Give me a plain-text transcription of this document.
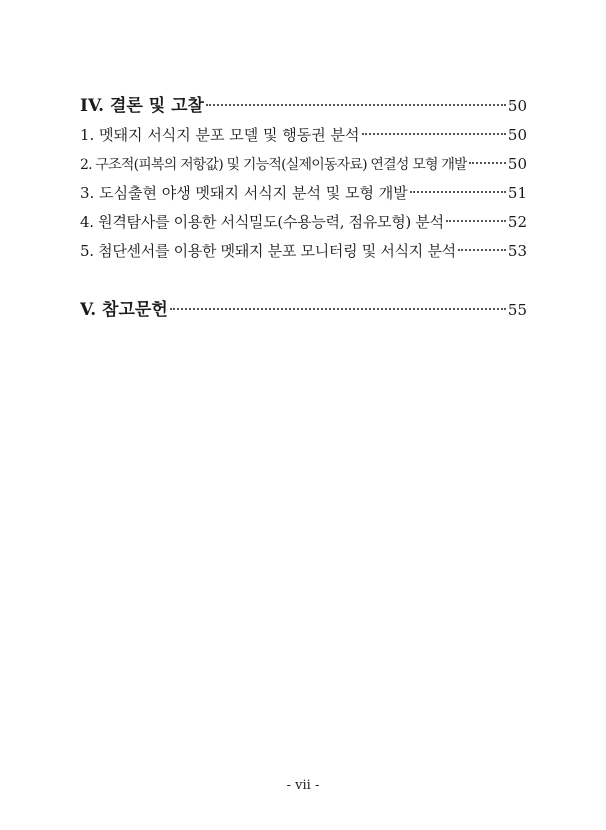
IV. 결론 및 고찰	50
1. 멧돼지 서식지 분포 모델 및 행동권 분석	50
2. 구조적(피복의 저항값) 및 기능적(실제이동자료) 연결성 모형 개발	50
3. 도심출현 야생 멧돼지 서식지 분석 및 모형 개발	51
4. 원격탐사를 이용한 서식밀도(수용능력, 점유모형) 분석	52
5. 첨단센서를 이용한 멧돼지 분포 모니터링 및 서식지 분석	53
V. 참고문헌	55
- vii -
